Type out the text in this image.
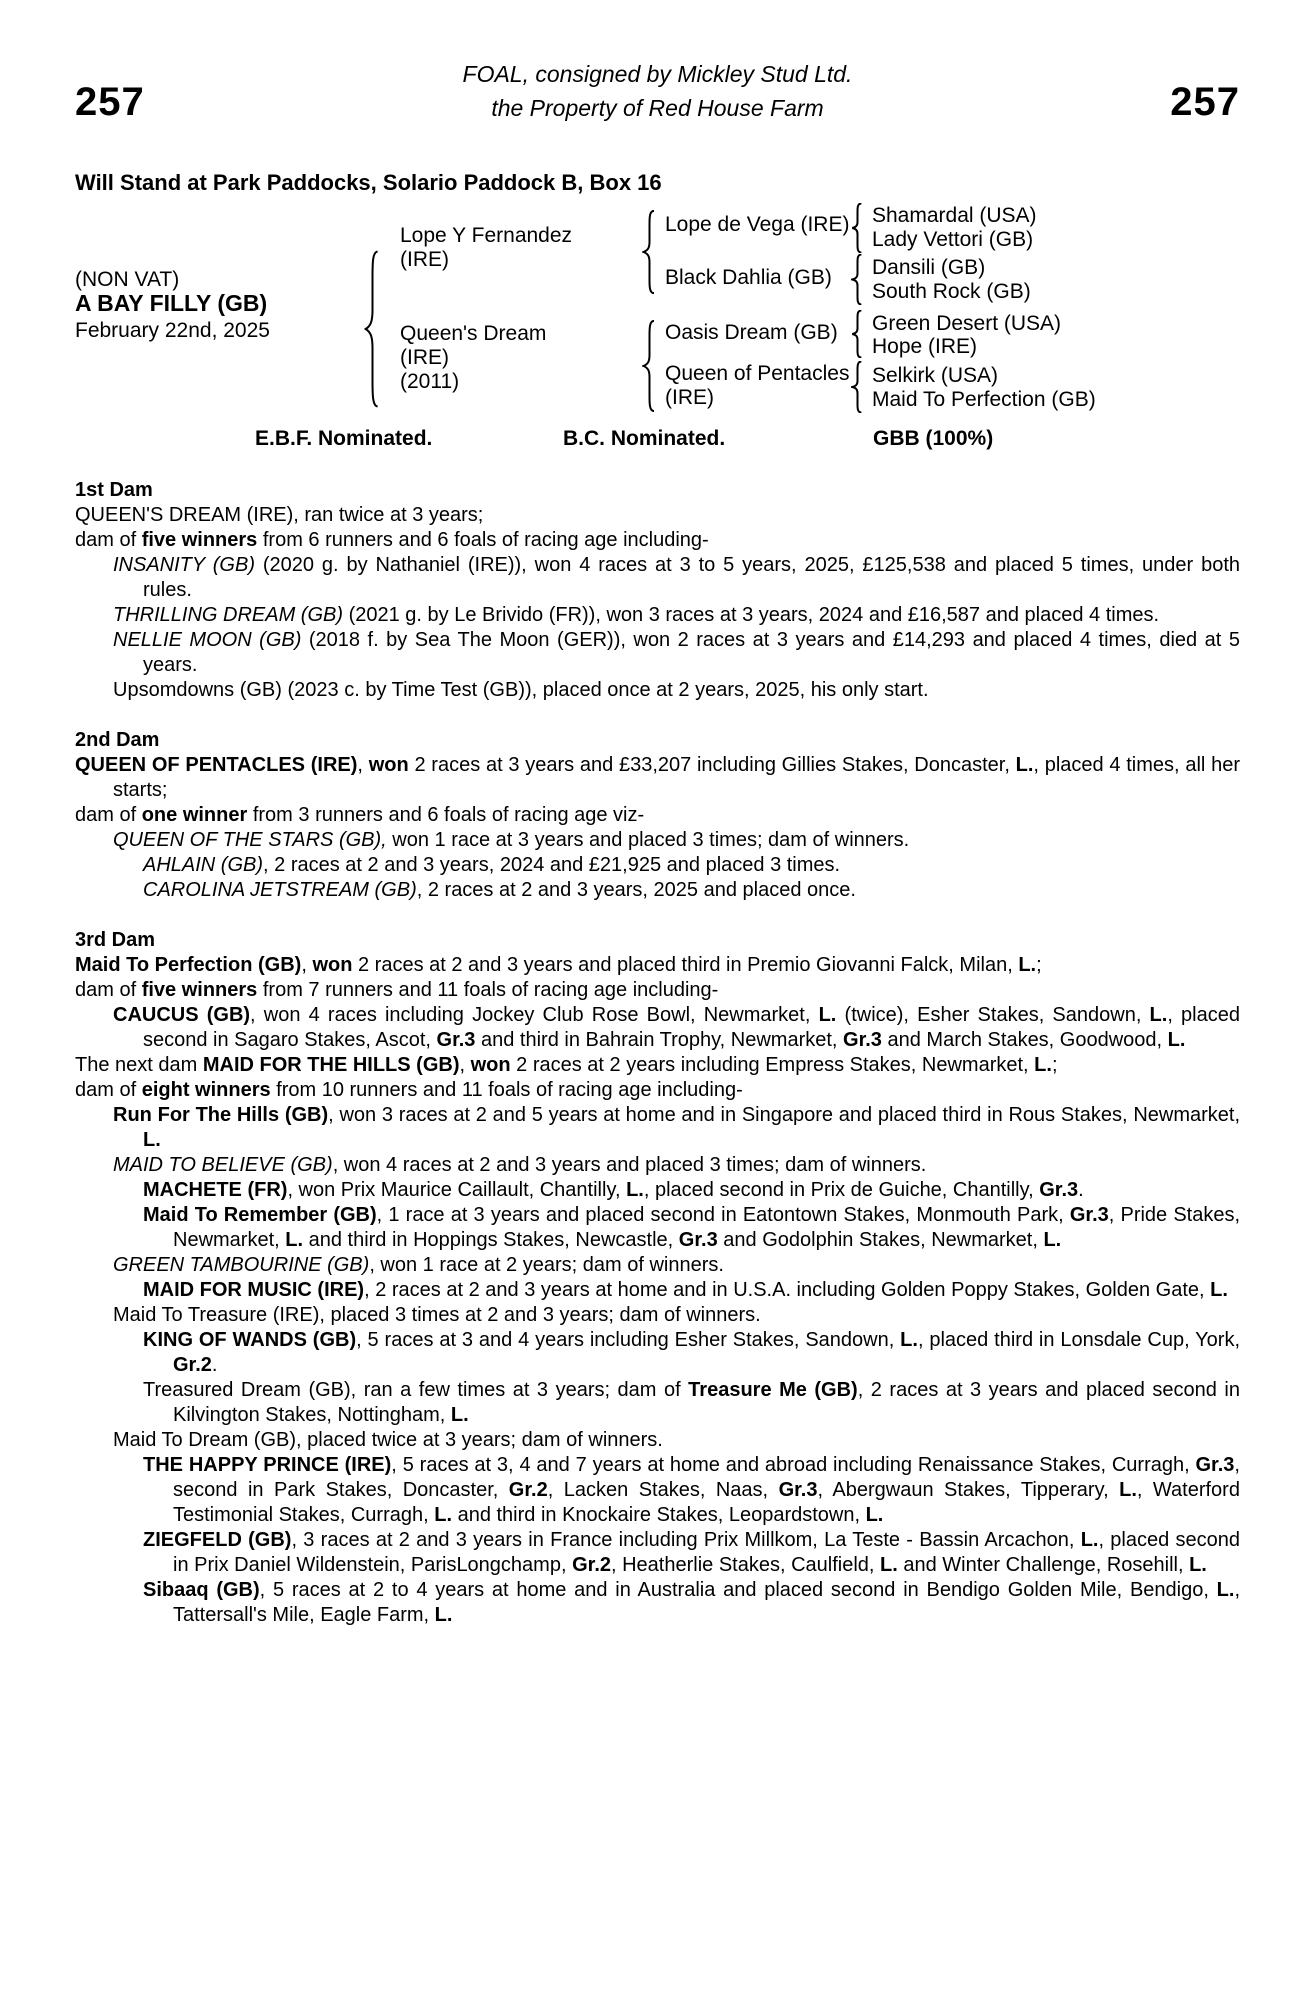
FOAL, consigned by Mickley Stud Ltd.
257	257
the Property of Red House Farm
Will Stand at Park Paddocks, Solario Paddock B, Box 16
(NON VAT)
A BAY FILLY (GB)
February 22nd, 2025
Lope Y Fernandez
(IRE)
Queen's Dream
(IRE)
(2011)
Lope de Vega (IRE)
Black Dahlia (GB)
Oasis Dream (GB)
Queen of Pentacles
(IRE)
Shamardal (USA)
Lady Vettori (GB)
Dansili (GB)
South Rock (GB)
Green Desert (USA)
Hope (IRE)
Selkirk (USA)
Maid To Perfection (GB)
E.B.F. Nominated.	B.C. Nominated.	GBB (100%)
1st Dam

QUEEN'S DREAM (IRE), ran twice at 3 years;

dam of five winners from 6 runners and 6 foals of racing age including-

INSANITY (GB) (2020 g. by Nathaniel (IRE)), won 4 races at 3 to 5 years, 2025, £125,538 and placed 5 times, under both rules.

THRILLING DREAM (GB) (2021 g. by Le Brivido (FR)), won 3 races at 3 years, 2024 and £16,587 and placed 4 times.

NELLIE MOON (GB) (2018 f. by Sea The Moon (GER)), won 2 races at 3 years and £14,293 and placed 4 times, died at 5 years.

Upsomdowns (GB) (2023 c. by Time Test (GB)), placed once at 2 years, 2025, his only start.

2nd Dam

QUEEN OF PENTACLES (IRE), won 2 races at 3 years and £33,207 including Gillies Stakes, Doncaster, L., placed 4 times, all her starts;

dam of one winner from 3 runners and 6 foals of racing age viz-

QUEEN OF THE STARS (GB), won 1 race at 3 years and placed 3 times; dam of winners.

AHLAIN (GB), 2 races at 2 and 3 years, 2024 and £21,925 and placed 3 times.

CAROLINA JETSTREAM (GB), 2 races at 2 and 3 years, 2025 and placed once.

3rd Dam

Maid To Perfection (GB), won 2 races at 2 and 3 years and placed third in Premio Giovanni Falck, Milan, L.;

dam of five winners from 7 runners and 11 foals of racing age including-

CAUCUS (GB), won 4 races including Jockey Club Rose Bowl, Newmarket, L. (twice), Esher Stakes, Sandown, L., placed second in Sagaro Stakes, Ascot, Gr.3 and third in Bahrain Trophy, Newmarket, Gr.3 and March Stakes, Goodwood, L.

The next dam MAID FOR THE HILLS (GB), won 2 races at 2 years including Empress Stakes, Newmarket, L.;

dam of eight winners from 10 runners and 11 foals of racing age including-

Run For The Hills (GB), won 3 races at 2 and 5 years at home and in Singapore and placed third in Rous Stakes, Newmarket, L.

MAID TO BELIEVE (GB), won 4 races at 2 and 3 years and placed 3 times; dam of winners.

MACHETE (FR), won Prix Maurice Caillault, Chantilly, L., placed second in Prix de Guiche, Chantilly, Gr.3.

Maid To Remember (GB), 1 race at 3 years and placed second in Eatontown Stakes, Monmouth Park, Gr.3, Pride Stakes, Newmarket, L. and third in Hoppings Stakes, Newcastle, Gr.3 and Godolphin Stakes, Newmarket, L.

GREEN TAMBOURINE (GB), won 1 race at 2 years; dam of winners.

MAID FOR MUSIC (IRE), 2 races at 2 and 3 years at home and in U.S.A. including Golden Poppy Stakes, Golden Gate, L.

Maid To Treasure (IRE), placed 3 times at 2 and 3 years; dam of winners.

KING OF WANDS (GB), 5 races at 3 and 4 years including Esher Stakes, Sandown, L., placed third in Lonsdale Cup, York, Gr.2.

Treasured Dream (GB), ran a few times at 3 years; dam of Treasure Me (GB), 2 races at 3 years and placed second in Kilvington Stakes, Nottingham, L.

Maid To Dream (GB), placed twice at 3 years; dam of winners.

THE HAPPY PRINCE (IRE), 5 races at 3, 4 and 7 years at home and abroad including Renaissance Stakes, Curragh, Gr.3, second in Park Stakes, Doncaster, Gr.2, Lacken Stakes, Naas, Gr.3, Abergwaun Stakes, Tipperary, L., Waterford Testimonial Stakes, Curragh, L. and third in Knockaire Stakes, Leopardstown, L.

ZIEGFELD (GB), 3 races at 2 and 3 years in France including Prix Millkom, La Teste - Bassin Arcachon, L., placed second in Prix Daniel Wildenstein, ParisLongchamp, Gr.2, Heatherlie Stakes, Caulfield, L. and Winter Challenge, Rosehill, L.

Sibaaq (GB), 5 races at 2 to 4 years at home and in Australia and placed second in Bendigo Golden Mile, Bendigo, L., Tattersall's Mile, Eagle Farm, L.
